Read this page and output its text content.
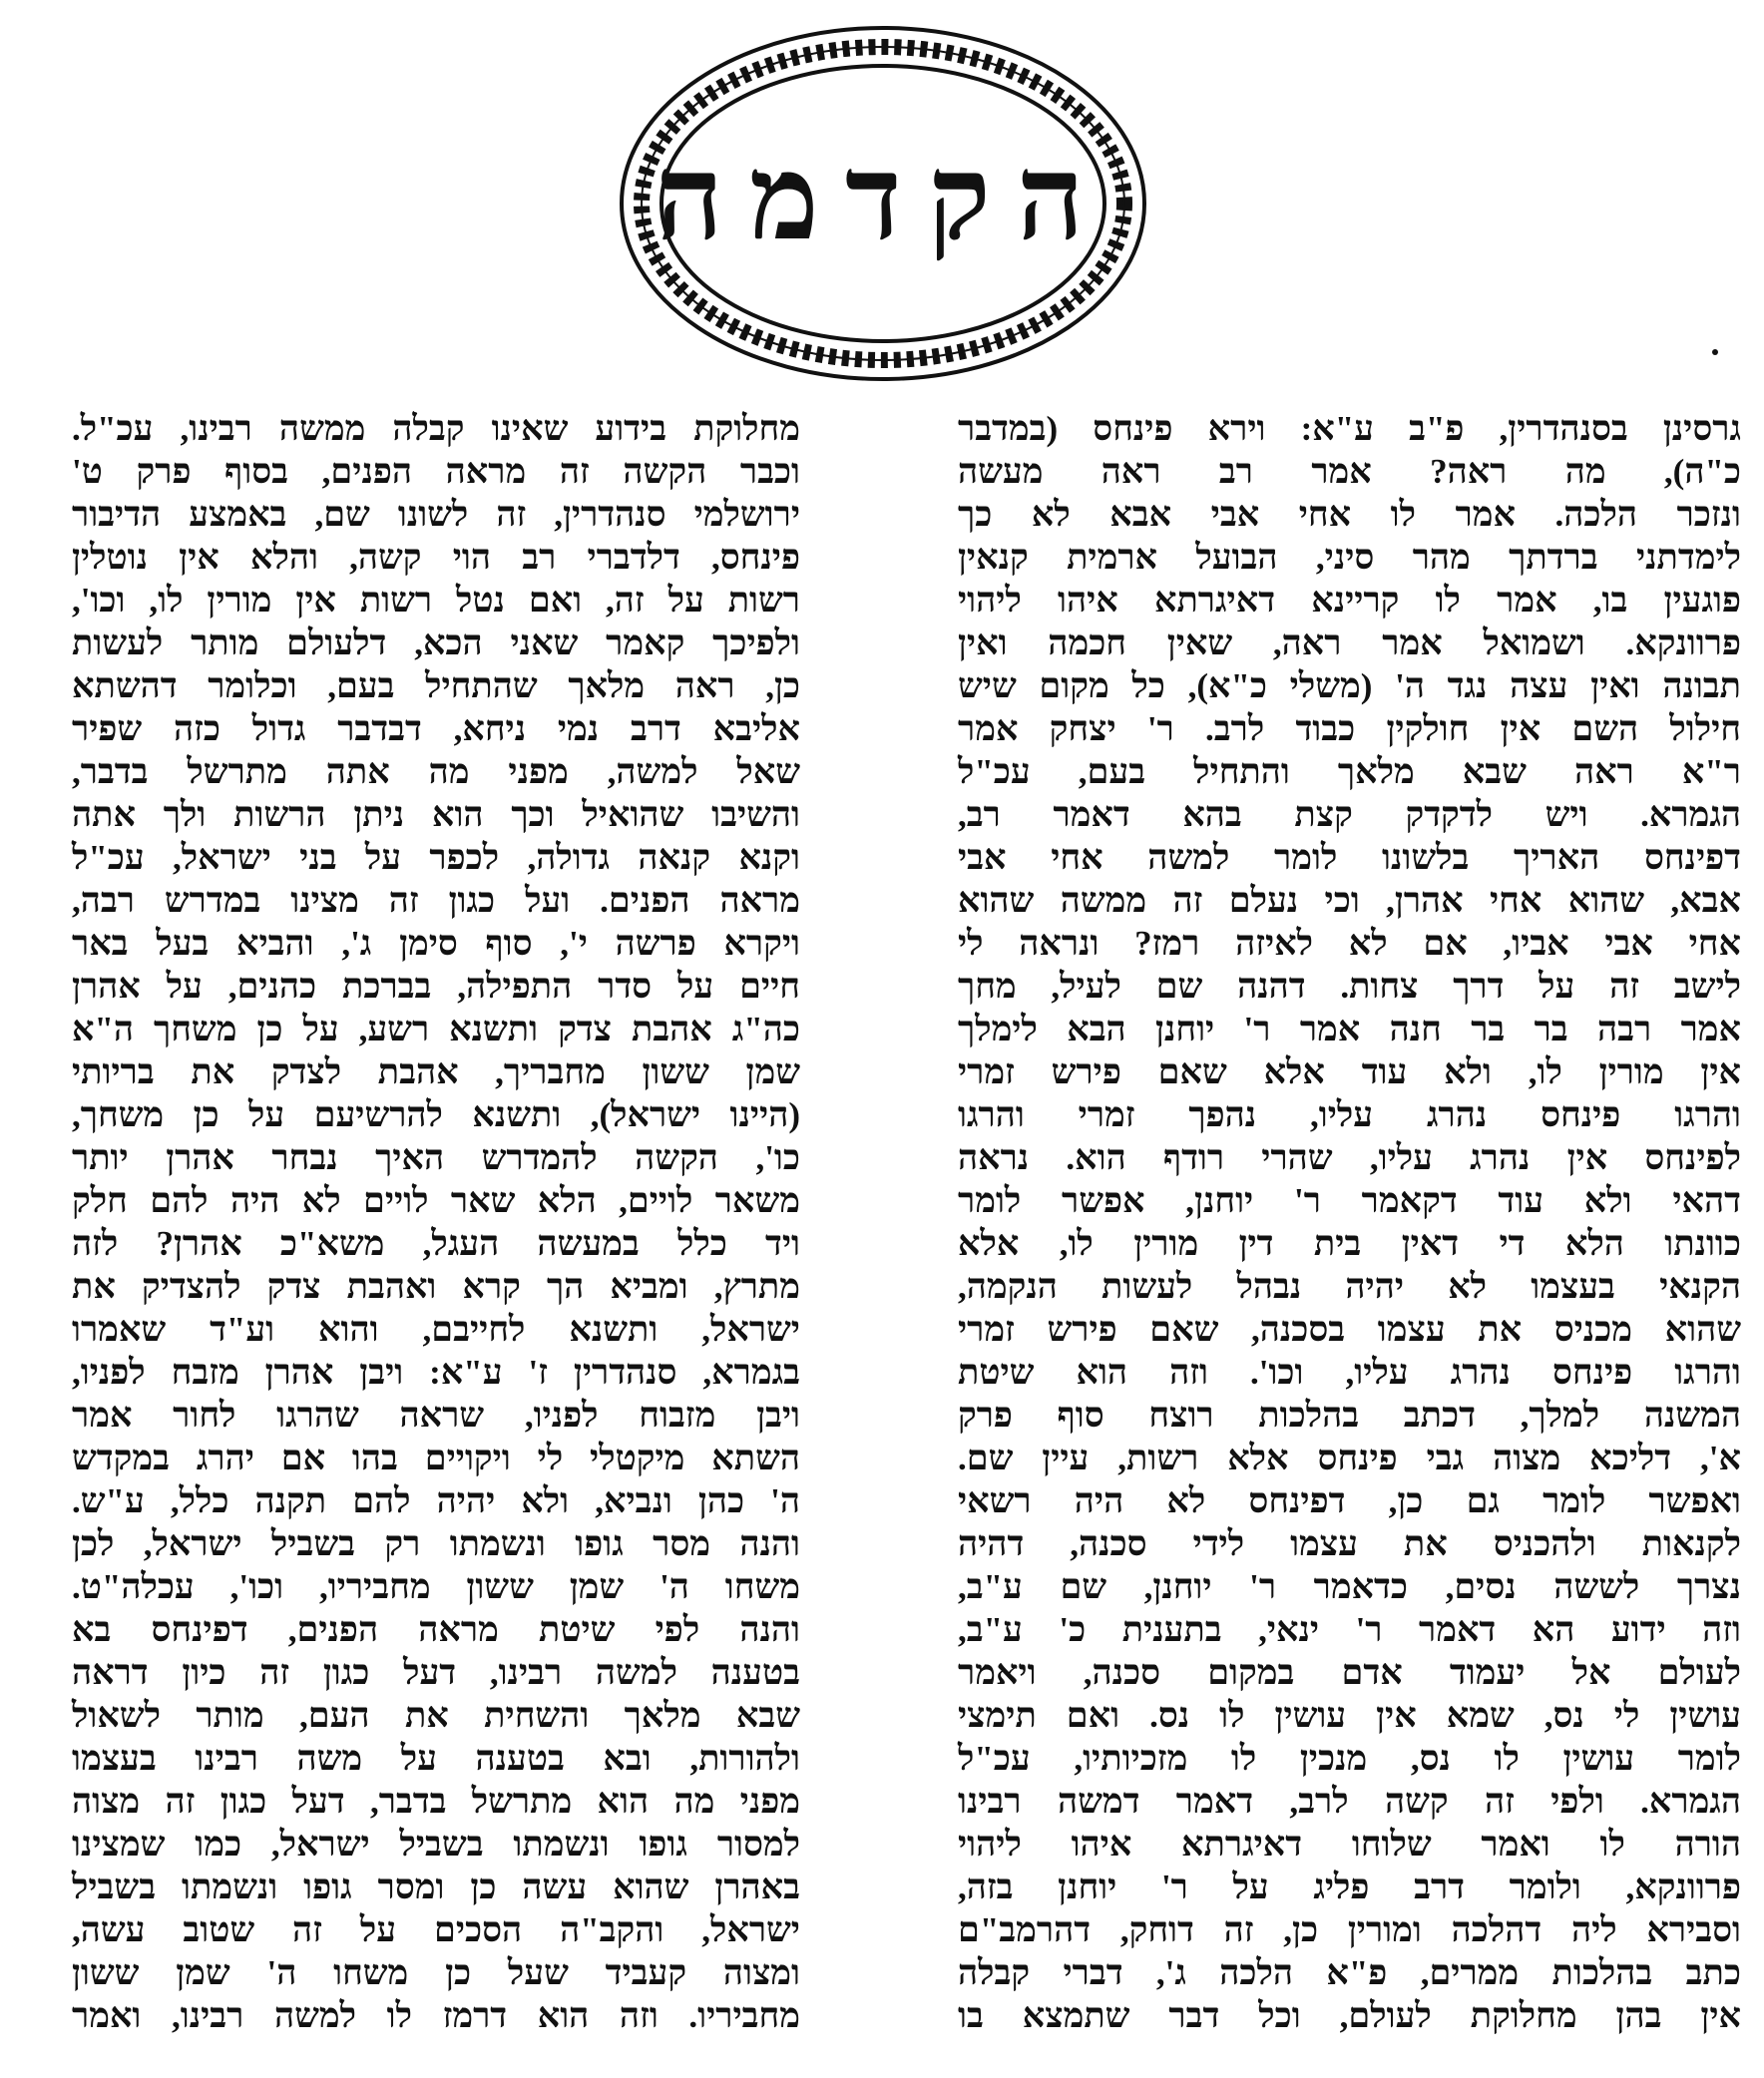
הקדמה
גרסינן בסנהדרין, פ"ב ע"א: וירא פינחס (במדבר
כ"ה), מה ראה? אמר רב ראה מעשה
ונזכר הלכה. אמר לו אחי אבי אבא לא כך
לימדתני ברדתך מהר סיני, הבועל ארמית קנאין
פוגעין בו, אמר לו קריינא דאיגרתא איהו ליהוי
פרוונקא. ושמואל אמר ראה, שאין חכמה ואין
תבונה ואין עצה נגד ה' (משלי כ"א), כל מקום שיש
חילול השם אין חולקין כבוד לרב. ר' יצחק אמר
ר"א ראה שבא מלאך והתחיל בעם, עכ"ל
הגמרא. ויש לדקדק קצת בהא דאמר רב,
דפינחס האריך בלשונו לומר למשה אחי אבי
אבא, שהוא אחי אהרן, וכי נעלם זה ממשה שהוא
אחי אבי אביו, אם לא לאיזה רמז? ונראה לי
לישב זה על דרך צחות. דהנה שם לעיל, מחך
אמר רבה בר בר חנה אמר ר' יוחנן הבא לימלך
אין מורין לו, ולא עוד אלא שאם פירש זמרי
והרגו פינחס נהרג עליו, נהפך זמרי והרגו
לפינחס אין נהרג עליו, שהרי רודף הוא. נראה
דהאי ולא עוד דקאמר ר' יוחנן, אפשר לומר
כוונתו הלא די דאין בית דין מורין לו, אלא
הקנאי בעצמו לא יהיה נבהל לעשות הנקמה,
שהוא מכניס את עצמו בסכנה, שאם פירש זמרי
והרגו פינחס נהרג עליו, וכו'. וזה הוא שיטת
המשנה למלך, דכתב בהלכות רוצח סוף פרק
א', דליכא מצוה גבי פינחס אלא רשות, עיין שם.
ואפשר לומר גם כן, דפינחס לא היה רשאי
לקנאות ולהכניס את עצמו לידי סכנה, דהיה
נצרך לששה נסים, כדאמר ר' יוחנן, שם ע"ב,
וזה ידוע הא דאמר ר' ינאי, בתענית כ' ע"ב,
לעולם אל יעמוד אדם במקום סכנה, ויאמר
עושין לי נס, שמא אין עושין לו נס. ואם תימצי
לומר עושין לו נס, מנכין לו מזכיותיו, עכ"ל
הגמרא. ולפי זה קשה לרב, דאמר דמשה רבינו
הורה לו ואמר שלוחו דאיגרתא איהו ליהוי
פרוונקא, ולומר דרב פליג על ר' יוחנן בזה,
וסבירא ליה דהלכה ומורין כן, זה דוחק, דהרמב"ם
כתב בהלכות ממרים, פ"א הלכה ג', דברי קבלה
אין בהן מחלוקת לעולם, וכל דבר שתמצא בו
מחלוקת בידוע שאינו קבלה ממשה רבינו, עכ"ל.
וכבר הקשה זה מראה הפנים, בסוף פרק ט'
ירושלמי סנהדרין, זה לשונו שם, באמצע הדיבור
פינחס, דלדברי רב הוי קשה, והלא אין נוטלין
רשות על זה, ואם נטל רשות אין מורין לו, וכו',
ולפיכך קאמר שאני הכא, דלעולם מותר לעשות
כן, ראה מלאך שהתחיל בעם, וכלומר דהשתא
אליבא דרב נמי ניחא, דבדבר גדול כזה שפיר
שאל למשה, מפני מה אתה מתרשל בדבר,
והשיבו שהואיל וכך הוא ניתן הרשות ולך אתה
וקנא קנאה גדולה, לכפר על בני ישראל, עכ"ל
מראה הפנים. ועל כגון זה מצינו במדרש רבה,
ויקרא פרשה י', סוף סימן ג', והביא בעל באר
חיים על סדר התפילה, בברכת כהנים, על אהרן
כה"ג אהבת צדק ותשנא רשע, על כן משחך ה"א
שמן ששון מחבריך, אהבת לצדק את בריותי
(היינו ישראל), ותשנא להרשיעם על כן משחך,
כו', הקשה להמדרש האיך נבחר אהרן יותר
משאר לויים, הלא שאר לויים לא היה להם חלק
ויד כלל במעשה העגל, משא"כ אהרן? לזה
מתרץ, ומביא הך קרא ואהבת צדק להצדיק את
ישראל, ותשנא לחייבם, והוא וע"ד שאמרו
בגמרא, סנהדרין ז' ע"א: ויבן אהרן מזבח לפניו,
ויבן מזבוח לפניו, שראה שהרגו לחור אמר
השתא מיקטלי לי ויקויים בהו אם יהרג במקדש
ה' כהן ונביא, ולא יהיה להם תקנה כלל, ע"ש.
והנה מסר גופו ונשמתו רק בשביל ישראל, לכן
משחו ה' שמן ששון מחביריו, וכו', עכלה"ט.
והנה לפי שיטת מראה הפנים, דפינחס בא
בטענה למשה רבינו, דעל כגון זה כיון דראה
שבא מלאך והשחית את העם, מותר לשאול
ולהורות, ובא בטענה על משה רבינו בעצמו
מפני מה הוא מתרשל בדבר, דעל כגון זה מצוה
למסור גופו ונשמתו בשביל ישראל, כמו שמצינו
באהרן שהוא עשה כן ומסר גופו ונשמתו בשביל
ישראל, והקב"ה הסכים על זה שטוב עשה,
ומצוה קעביד שעל כן משחו ה' שמן ששון
מחביריו. וזה הוא דרמז לו למשה רבינו, ואמר
